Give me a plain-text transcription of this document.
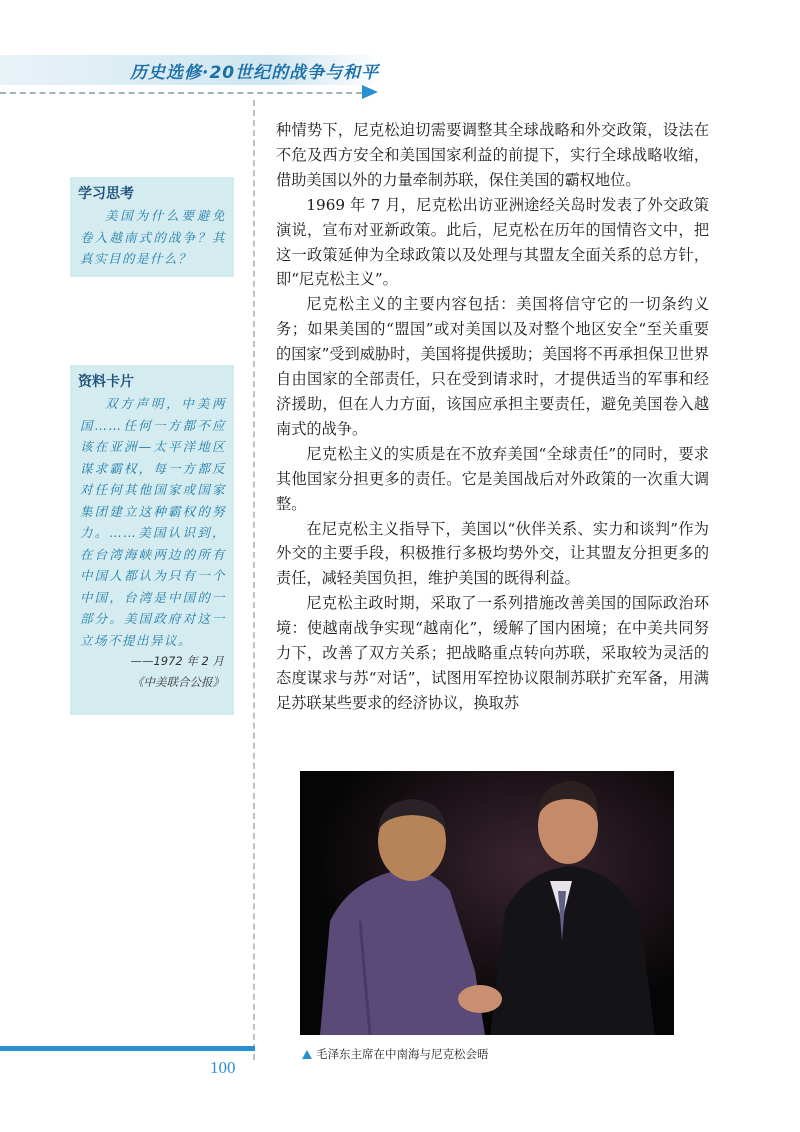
历史选修·20世纪的战争与和平
学习思考
美国为什么要避免卷入越南式的战争？其真实目的是什么？
资料卡片
双方声明，中美两国……任何一方都不应该在亚洲—太平洋地区谋求霸权，每一方都反对任何其他国家或国家集团建立这种霸权的努力。……美国认识到，在台湾海峡两边的所有中国人都认为只有一个中国，台湾是中国的一部分。美国政府对这一立场不提出异议。
——1972 年 2 月
《中美联合公报》

种情势下，尼克松迫切需要调整其全球战略和外交政策，设法在不危及西方安全和美国国家利益的前提下，实行全球战略收缩，借助美国以外的力量牵制苏联，保住美国的霸权地位。

1969 年 7 月，尼克松出访亚洲途经关岛时发表了外交政策演说，宣布对亚新政策。此后，尼克松在历年的国情咨文中，把这一政策延伸为全球政策以及处理与其盟友全面关系的总方针，即“尼克松主义”。

尼克松主义的主要内容包括：美国将信守它的一切条约义务；如果美国的“盟国”或对美国以及对整个地区安全“至关重要的国家”受到威胁时，美国将提供援助；美国将不再承担保卫世界自由国家的全部责任，只在受到请求时，才提供适当的军事和经济援助，但在人力方面，该国应承担主要责任，避免美国卷入越南式的战争。

尼克松主义的实质是在不放弃美国“全球责任”的同时，要求其他国家分担更多的责任。它是美国战后对外政策的一次重大调整。

在尼克松主义指导下，美国以“伙伴关系、实力和谈判”作为外交的主要手段，积极推行多极均势外交，让其盟友分担更多的责任，减轻美国负担，维护美国的既得利益。

尼克松主政时期，采取了一系列措施改善美国的国际政治环境：使越南战争实现“越南化”，缓解了国内困境；在中美共同努力下，改善了双方关系；把战略重点转向苏联，采取较为灵活的态度谋求与苏“对话”，试图用军控协议限制苏联扩充军备，用满足苏联某些要求的经济协议，换取苏

毛泽东主席在中南海与尼克松会晤
100
